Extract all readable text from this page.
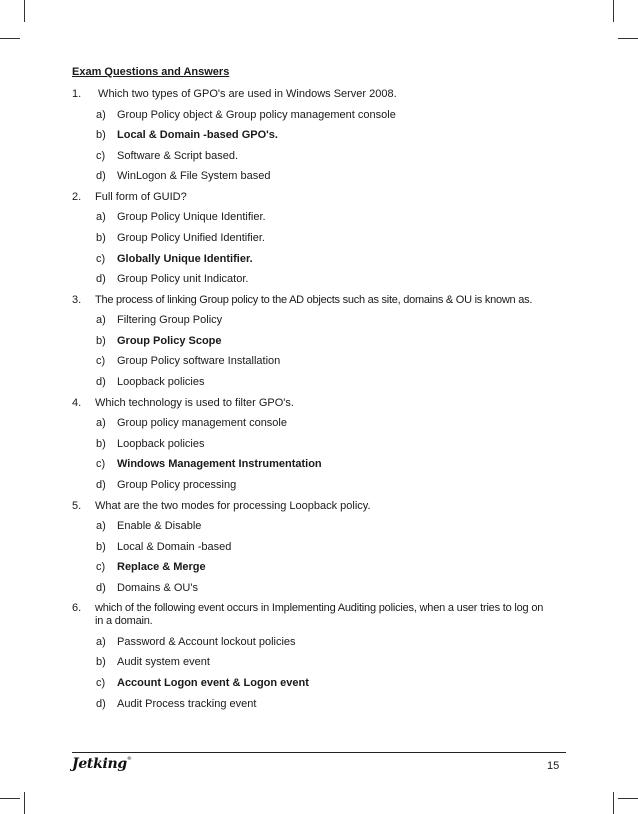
Exam Questions and Answers
1. Which two types of GPO's are used in Windows Server 2008.
a) Group Policy object & Group policy management console
b) Local & Domain -based GPO's.
c) Software & Script based.
d) WinLogon & File System based
2. Full form of GUID?
a) Group Policy Unique Identifier.
b) Group Policy Unified Identifier.
c) Globally Unique Identifier.
d) Group Policy unit Indicator.
3. The process of linking Group policy to the AD objects such as site, domains & OU is known as.
a) Filtering Group Policy
b) Group Policy Scope
c) Group Policy software Installation
d) Loopback policies
4. Which technology is used to filter GPO's.
a) Group policy management console
b) Loopback policies
c) Windows Management Instrumentation
d) Group Policy processing
5. What are the two modes for processing Loopback policy.
a) Enable & Disable
b) Local & Domain -based
c) Replace & Merge
d) Domains & OU's
6. which of the following event occurs in Implementing Auditing policies, when a user tries to log on in a domain.
a) Password & Account lockout policies
b) Audit system event
c) Account Logon event & Logon event
d) Audit Process tracking event
Jetking®
15
